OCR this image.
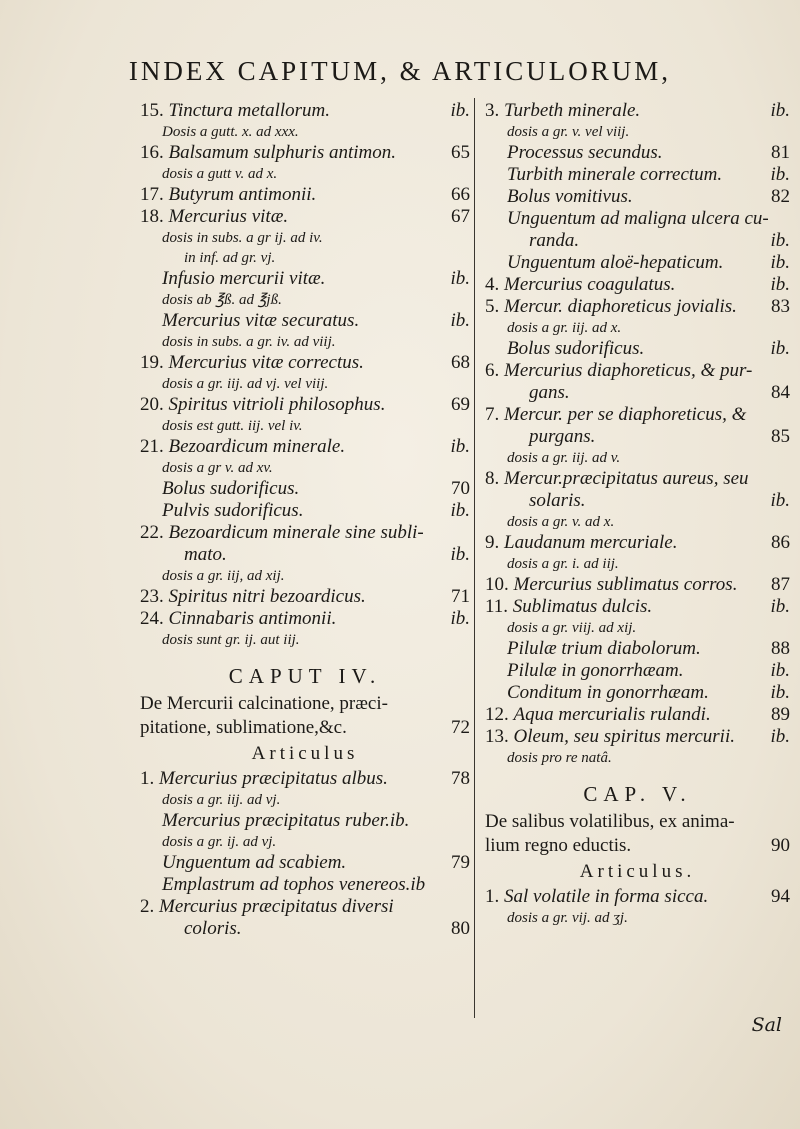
INDEX CAPITUM, & ARTICULORUM,
15. Tinctura metallorum.	ib.
Dosis a gutt. x. ad xxx.
16. Balsamum sulphuris antimon.	65
dosis a gutt v. ad x.
17. Butyrum antimonii.	66
18. Mercurius vitæ.	67
dosis in subs. a gr ij. ad iv.
in inf. ad gr. vj.
Infusio mercurii vitæ.	ib.
dosis ab ℥ß. ad ℥jß.
Mercurius vitæ securatus.	ib.
dosis in subs. a gr. iv. ad viij.
19. Mercurius vitæ correctus.	68
dosis a gr. iij. ad vj. vel viij.
20. Spiritus vitrioli philosophus.	69
dosis est gutt. iij. vel iv.
21. Bezoardicum minerale.	ib.
dosis a gr v. ad xv.
Bolus sudorificus.	70
Pulvis sudorificus.	ib.
22. Bezoardicum minerale sine subli-
mato.	ib.
dosis a gr. iij, ad xij.
23. Spiritus nitri bezoardicus.	71
24. Cinnabaris antimonii.	ib.
dosis sunt gr. ij. aut iij.
CAPUT IV.
De Mercurii calcinatione, præci-
pitatione, sublimatione,&c.	72
Articulus
1. Mercurius præcipitatus albus.	78
dosis a gr. iij. ad vj.
Mercurius præcipitatus ruber.ib.
dosis a gr. ij. ad vj.
Unguentum ad scabiem.	79
Emplastrum ad tophos venereos.ib
2. Mercurius præcipitatus diversi
coloris.	80
3. Turbeth minerale.	ib.
dosis a gr. v. vel viij.
Processus secundus.	81
Turbith minerale correctum.	ib.
Bolus vomitivus.	82
Unguentum ad maligna ulcera cu-
randa.	ib.
Unguentum aloë-hepaticum. ib.
4. Mercurius coagulatus.	ib.
5. Mercur. diaphoreticus jovialis. 83
dosis a gr. iij. ad x.
Bolus sudorificus.	ib.
6. Mercurius diaphoreticus, & pur-
gans.	84
7. Mercur. per se diaphoreticus, &
purgans.	85
dosis a gr. iij. ad v.
8. Mercur.præcipitatus aureus, seu
solaris.	ib.
dosis a gr. v. ad x.
9. Laudanum mercuriale.	86
dosis a gr. i. ad iij.
10. Mercurius sublimatus corros. 87
11. Sublimatus dulcis.	ib.
dosis a gr. viij. ad xij.
Pilulæ trium diabolorum.	88
Pilulæ in gonorrhæam.	ib.
Conditum in gonorrhæam.	ib.
12. Aqua mercurialis rulandi.	89
13. Oleum, seu spiritus mercurii. ib.
dosis pro re natâ.
CAP. V.
De salibus volatilibus, ex anima-
lium regno eductis.	90
Articulus.
1. Sal volatile in forma sicca.	94
dosis a gr. vij. ad ʒj.
Sal
